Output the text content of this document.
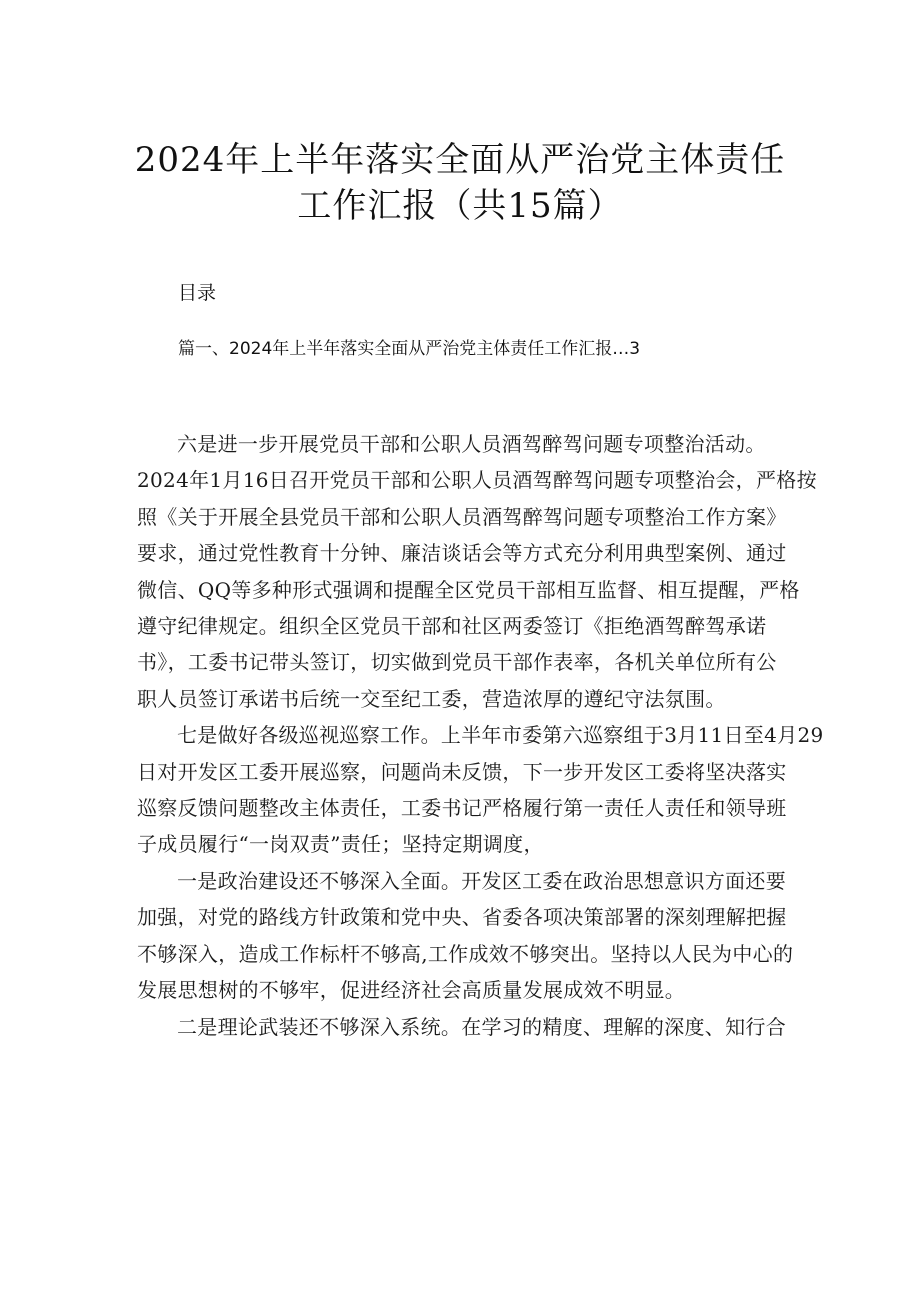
2024年上半年落实全面从严治党主体责任
工作汇报（共15篇）
目录
篇一、2024年上半年落实全面从严治党主体责任工作汇报…3
六是进一步开展党员干部和公职人员酒驾醉驾问题专项整治活动。
2024年1月16日召开党员干部和公职人员酒驾醉驾问题专项整治会，严格按
照《关于开展全县党员干部和公职人员酒驾醉驾问题专项整治工作方案》
要求，通过党性教育十分钟、廉洁谈话会等方式充分利用典型案例、通过
微信、QQ等多种形式强调和提醒全区党员干部相互监督、相互提醒，严格
遵守纪律规定。组织全区党员干部和社区两委签订《拒绝酒驾醉驾承诺
书》，工委书记带头签订，切实做到党员干部作表率，各机关单位所有公
职人员签订承诺书后统一交至纪工委，营造浓厚的遵纪守法氛围。
七是做好各级巡视巡察工作。上半年市委第六巡察组于3月11日至4月29
日对开发区工委开展巡察，问题尚未反馈，下一步开发区工委将坚决落实
巡察反馈问题整改主体责任，工委书记严格履行第一责任人责任和领导班
子成员履行“一岗双责”责任；坚持定期调度，
一是政治建设还不够深入全面。开发区工委在政治思想意识方面还要
加强，对党的路线方针政策和党中央、省委各项决策部署的深刻理解把握
不够深入，造成工作标杆不够高,工作成效不够突出。坚持以人民为中心的
发展思想树的不够牢，促进经济社会高质量发展成效不明显。
二是理论武装还不够深入系统。在学习的精度、理解的深度、知行合
